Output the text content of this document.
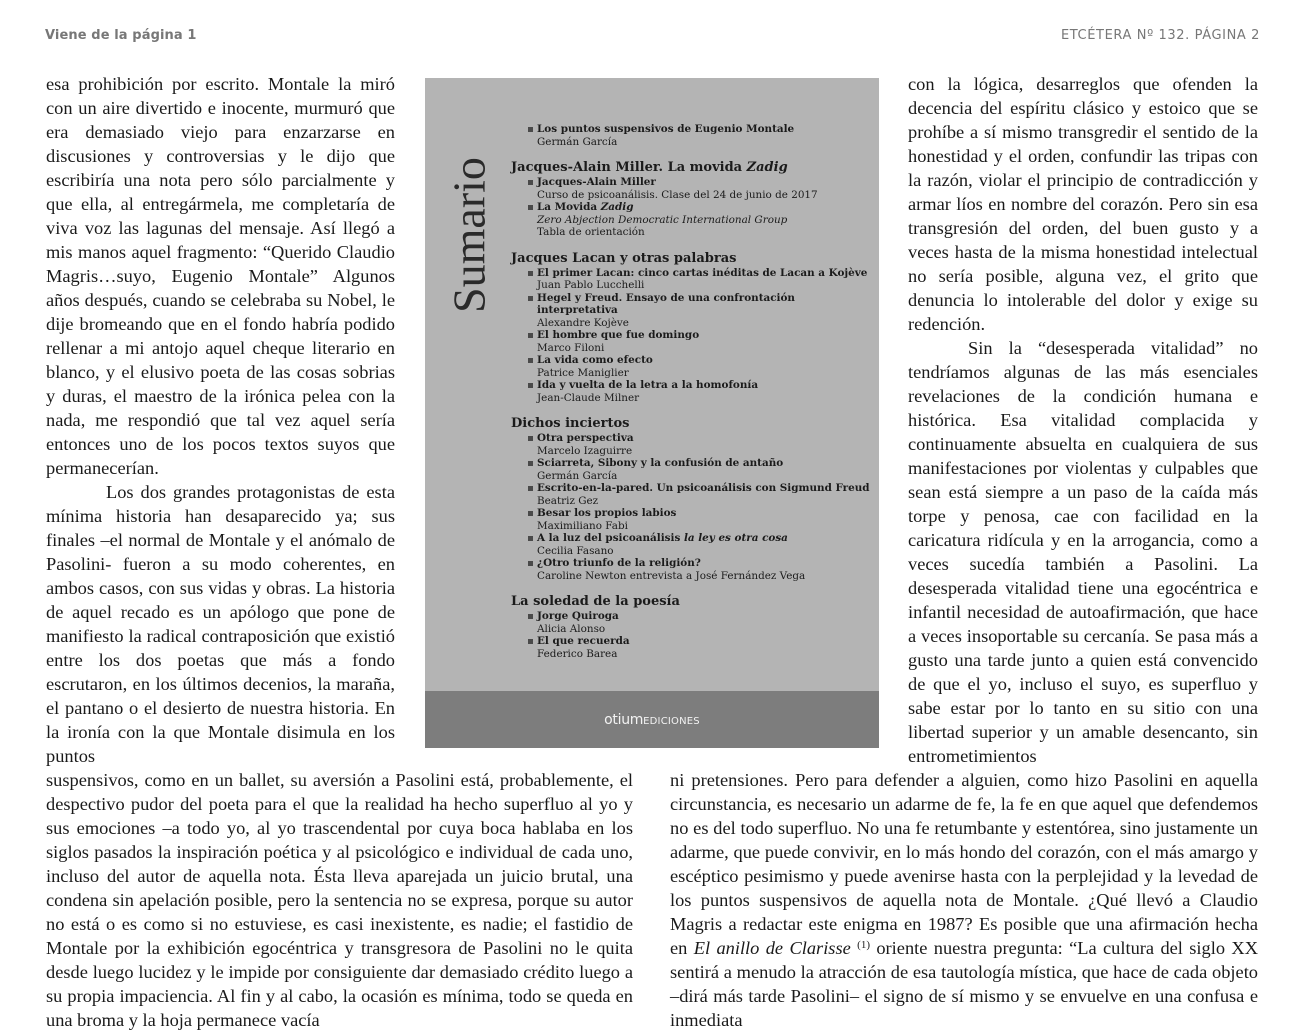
Viene de la página 1	ETCÉTERA Nº 132. PÁGINA 2

esa prohibición por escrito. Montale la miró con un aire divertido e inocente, murmuró que era demasiado viejo para enzarzarse en discusiones y controversias y le dijo que escribiría una nota pero sólo parcialmente y que ella, al entregármela, me completaría de viva voz las lagunas del mensaje. Así llegó a mis manos aquel fragmento: “Querido Claudio Magris…suyo, Eugenio Montale” Algunos años después, cuando se celebraba su Nobel, le dije bromeando que en el fondo habría podido rellenar a mi antojo aquel cheque literario en blanco, y el elusivo poeta de las cosas sobrias y duras, el maestro de la irónica pelea con la nada, me respondió que tal vez aquel sería entonces uno de los pocos textos suyos que permanecerían.

Los dos grandes protagonistas de esta mínima historia han desaparecido ya; sus finales –el normal de Montale y el anómalo de Pasolini- fueron a su modo coherentes, en ambos casos, con sus vidas y obras. La historia de aquel recado es un apólogo que pone de manifiesto la radical contraposición que existió entre los dos poetas que más a fondo escrutaron, en los últimos decenios, la maraña, el pantano o el desierto de nuestra historia. En la ironía con la que Montale disimula en los puntos

Sumario
Los puntos suspensivos de Eugenio Montale
Germán García
Jacques-Alain Miller. La movida Zadig
Jacques-Alain Miller
Curso de psicoanálisis. Clase del 24 de junio de 2017
La Movida Zadig
Zero Abjection Democratic International Group
Tabla de orientación
Jacques Lacan y otras palabras
El primer Lacan: cinco cartas inéditas de Lacan a Kojève
Juan Pablo Lucchelli
Hegel y Freud. Ensayo de una confrontación interpretativa
Alexandre Kojève
El hombre que fue domingo
Marco Filoni
La vida como efecto
Patrice Maniglier
Ida y vuelta de la letra a la homofonía
Jean-Claude Milner
Dichos inciertos
Otra perspectiva
Marcelo Izaguirre
Sciarreta, Sibony y la confusión de antaño
Germán García
Escrito-en-la-pared. Un psicoanálisis con Sigmund Freud
Beatriz Gez
Besar los propios labios
Maximiliano Fabi
A la luz del psicoanálisis la ley es otra cosa
Cecilia Fasano
¿Otro triunfo de la religión?
Caroline Newton entrevista a José Fernández Vega
La soledad de la poesía
Jorge Quiroga
Alicia Alonso
El que recuerda
Federico Barea
otiumEDICIONES

con la lógica, desarreglos que ofenden la decencia del espíritu clásico y estoico que se prohíbe a sí mismo transgredir el sentido de la honestidad y el orden, confundir las tripas con la razón, violar el principio de contradicción y armar líos en nombre del corazón. Pero sin esa transgresión del orden, del buen gusto y a veces hasta de la misma honestidad intelectual no sería posible, alguna vez, el grito que denuncia lo intolerable del dolor y exige su redención.

Sin la “desesperada vitalidad” no tendríamos algunas de las más esenciales revelaciones de la condición humana e histórica. Esa vitalidad complacida y continuamente absuelta en cualquiera de sus manifestaciones por violentas y culpables que sean está siempre a un paso de la caída más torpe y penosa, cae con facilidad en la caricatura ridícula y en la arrogancia, como a veces sucedía también a Pasolini. La desesperada vitalidad tiene una egocéntrica e infantil necesidad de autoafirmación, que hace a veces insoportable su cercanía. Se pasa más a gusto una tarde junto a quien está convencido de que el yo, incluso el suyo, es superfluo y sabe estar por lo tanto en su sitio con una libertad superior y un amable desencanto, sin entrometimientos

suspensivos, como en un ballet, su aversión a Pasolini está, probablemente, el despectivo pudor del poeta para el que la realidad ha hecho superfluo al yo y sus emociones –a todo yo, al yo trascendental por cuya boca hablaba en los siglos pasados la inspiración poética y al psicológico e individual de cada uno, incluso del autor de aquella nota. Ésta lleva aparejada un juicio brutal, una condena sin apelación posible, pero la sentencia no se expresa, porque su autor no está o es como si no estuviese, es casi inexistente, es nadie; el fastidio de Montale por la exhibición egocéntrica y transgresora de Pasolini no le quita desde luego lucidez y le impide por consiguiente dar demasiado crédito luego a su propia impaciencia. Al fin y al cabo, la ocasión es mínima, todo se queda en una broma y la hoja permanece vacía

ni pretensiones. Pero para defender a alguien, como hizo Pasolini en aquella circunstancia, es necesario un adarme de fe, la fe en que aquel que defendemos no es del todo superfluo. No una fe retumbante y estentórea, sino justamente un adarme, que puede convivir, en lo más hondo del corazón, con el más amargo y escéptico pesimismo y puede avenirse hasta con la perplejidad y la levedad de los puntos suspensivos de aquella nota de Montale. ¿Qué llevó a Claudio Magris a redactar este enigma en 1987? Es posible que una afirmación hecha en El anillo de Clarisse $^{(1)}$ oriente nuestra pregunta: “La cultura del siglo XX sentirá a menudo la atracción de esa tautología mística, que hace de cada objeto –dirá más tarde Pasolini– el signo de sí mismo y se envuelve en una confusa e inmediata
